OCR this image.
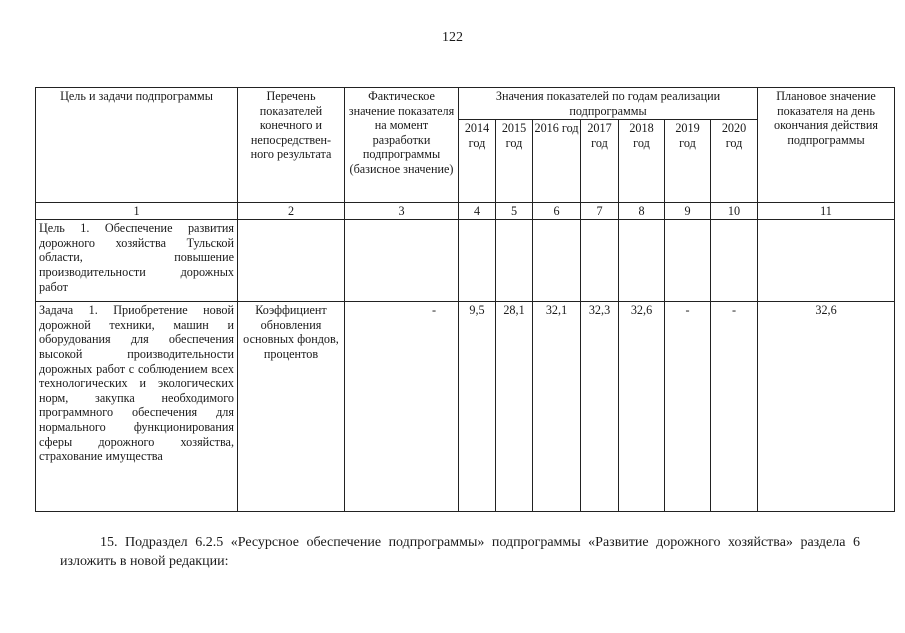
122
Цель и задачи подпрограммы	Перечень показателей конечного и непосредствен-ного результата	Фактическое значение показателя на момент разработки подпрограммы (базисное значение)	Значения показателей по годам реализации подпрограммы							Плановое значение показателя на день окончания действия подпрограммы
			2014 год	2015 год	2016 год	2017 год	2018 год	2019 год	2020 год	
1	2	3	4	5	6	7	8	9	10	11
Цель 1. Обеспечение развития дорожного хозяйства Тульской области, повышение производительности дорожных работ										
Задача 1. Приобретение новой дорожной техники, машин и оборудования для обеспечения высокой производительности дорожных работ с соблюдением всех технологических и экологических норм, закупка необходимого программного обеспечения для нормального функционирования сферы дорожного хозяйства, страхование имущества	Коэффициент обновления основных фондов, процентов	-	9,5	28,1	32,1	32,3	32,6	-	-	32,6
15. Подраздел 6.2.5 «Ресурсное обеспечение подпрограммы» подпрограммы «Развитие дорожного хозяйства» раздела 6 изложить в новой редакции:
